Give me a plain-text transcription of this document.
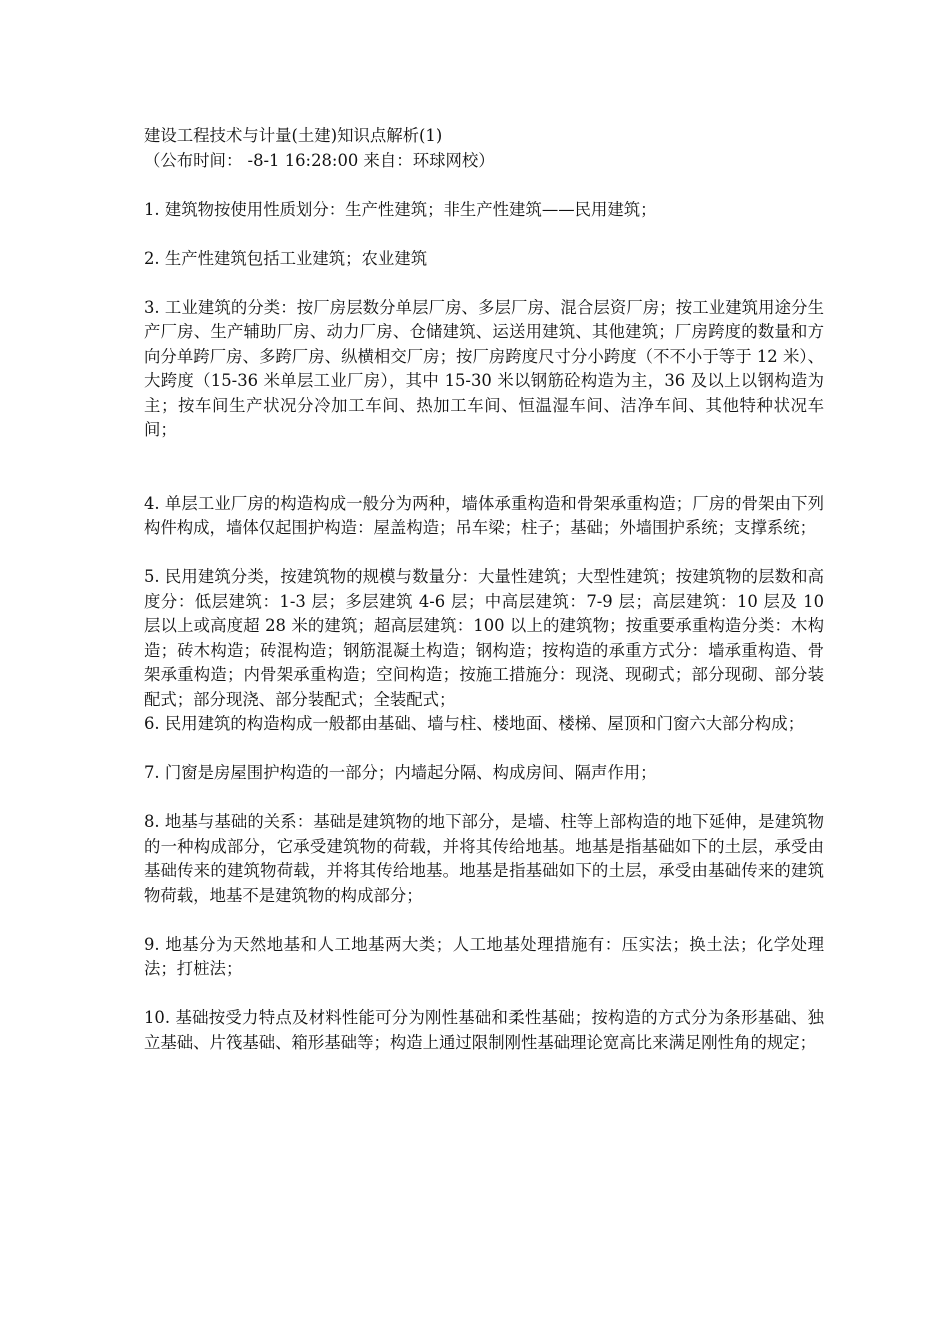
建设工程技术与计量(土建)知识点解析(1)
（公布时间： -8-1 16:28:00 来自：环球网校）

1. 建筑物按使用性质划分：生产性建筑；非生产性建筑——民用建筑；

2. 生产性建筑包括工业建筑；农业建筑

3. 工业建筑的分类：按厂房层数分单层厂房、多层厂房、混合层资厂房；按工业建筑用途分生产厂房、生产辅助厂房、动力厂房、仓储建筑、运送用建筑、其他建筑；厂房跨度的数量和方向分单跨厂房、多跨厂房、纵横相交厂房；按厂房跨度尺寸分小跨度（不不小于等于 12 米）、大跨度（15-36 米单层工业厂房），其中 15-30 米以钢筋砼构造为主，36 及以上以钢构造为主；按车间生产状况分冷加工车间、热加工车间、恒温湿车间、洁净车间、其他特种状况车间；

4. 单层工业厂房的构造构成一般分为两种，墙体承重构造和骨架承重构造；厂房的骨架由下列构件构成，墙体仅起围护构造：屋盖构造；吊车梁；柱子；基础；外墙围护系统；支撑系统；

5. 民用建筑分类，按建筑物的规模与数量分：大量性建筑；大型性建筑；按建筑物的层数和高度分：低层建筑：1-3 层；多层建筑 4-6 层；中高层建筑：7-9 层；高层建筑：10 层及 10 层以上或高度超 28 米的建筑；超高层建筑：100 以上的建筑物；按重要承重构造分类：木构造；砖木构造；砖混构造；钢筋混凝土构造；钢构造；按构造的承重方式分：墙承重构造、骨架承重构造；内骨架承重构造；空间构造；按施工措施分：现浇、现砌式；部分现砌、部分装配式；部分现浇、部分装配式；全装配式；

6. 民用建筑的构造构成一般都由基础、墙与柱、楼地面、楼梯、屋顶和门窗六大部分构成；

7. 门窗是房屋围护构造的一部分；内墙起分隔、构成房间、隔声作用；

8. 地基与基础的关系：基础是建筑物的地下部分，是墙、柱等上部构造的地下延伸，是建筑物的一种构成部分，它承受建筑物的荷载，并将其传给地基。地基是指基础如下的土层，承受由基础传来的建筑物荷载，并将其传给地基。地基是指基础如下的土层，承受由基础传来的建筑物荷载，地基不是建筑物的构成部分；

9. 地基分为天然地基和人工地基两大类；人工地基处理措施有：压实法；换土法；化学处理法；打桩法；

10. 基础按受力特点及材料性能可分为刚性基础和柔性基础；按构造的方式分为条形基础、独立基础、片筏基础、箱形基础等；构造上通过限制刚性基础理论宽高比来满足刚性角的规定；
